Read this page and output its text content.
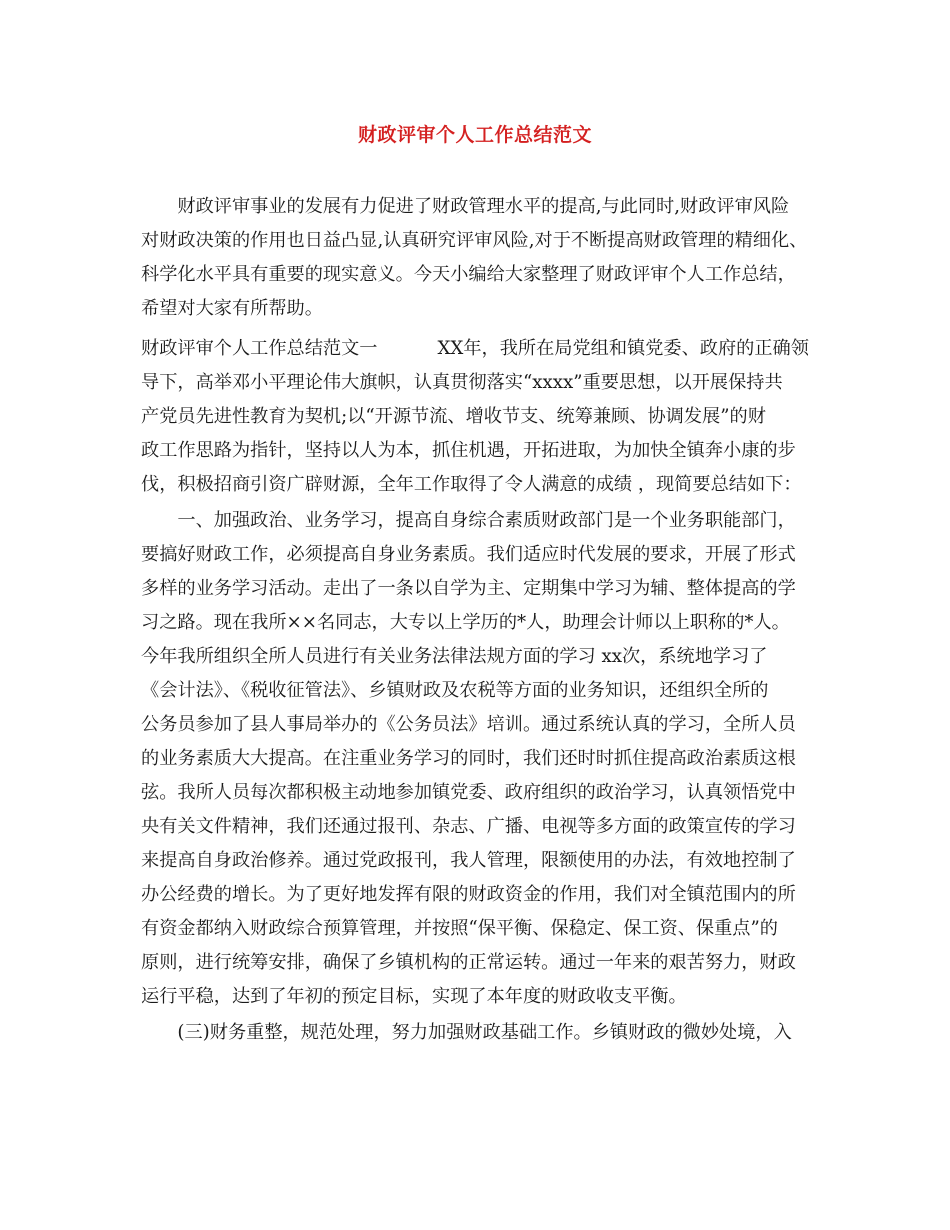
财政评审个人工作总结范文
　　财政评审事业的发展有力促进了财政管理水平的提高,与此同时,财政评审风险
对财政决策的作用也日益凸显,认真研究评审风险,对于不断提高财政管理的精细化、
科学化水平具有重要的现实意义。今天小编给大家整理了财政评审个人工作总结，
希望对大家有所帮助。
财政评审个人工作总结范文一	XX年，我所在局党组和镇党委、政府的正确领
导下，高举邓小平理论伟大旗帜，认真贯彻落实“xxxx”重要思想，以开展保持共
产党员先进性教育为契机;以“开源节流、增收节支、统筹兼顾、协调发展”的财
政工作思路为指针，坚持以人为本，抓住机遇，开拓进取，为加快全镇奔小康的步
伐，积极招商引资广辟财源，全年工作取得了令人满意的成绩 ，现简要总结如下：
　　一、加强政治、业务学习，提高自身综合素质财政部门是一个业务职能部门，
要搞好财政工作，必须提高自身业务素质。我们适应时代发展的要求，开展了形式
多样的业务学习活动。走出了一条以自学为主、定期集中学习为辅、整体提高的学
习之路。现在我所××名同志，大专以上学历的*人，助理会计师以上职称的*人。
今年我所组织全所人员进行有关业务法律法规方面的学习 xx次，系统地学习了
《会计法》、《税收征管法》、乡镇财政及农税等方面的业务知识，还组织全所的
公务员参加了县人事局举办的《公务员法》培训。通过系统认真的学习，全所人员
的业务素质大大提高。在注重业务学习的同时，我们还时时抓住提高政治素质这根
弦。我所人员每次都积极主动地参加镇党委、政府组织的政治学习，认真领悟党中
央有关文件精神，我们还通过报刊、杂志、广播、电视等多方面的政策宣传的学习
来提高自身政治修养。通过党政报刊，我人管理，限额使用的办法，有效地控制了
办公经费的增长。为了更好地发挥有限的财政资金的作用，我们对全镇范围内的所
有资金都纳入财政综合预算管理，并按照“保平衡、保稳定、保工资、保重点”的
原则，进行统筹安排，确保了乡镇机构的正常运转。通过一年来的艰苦努力，财政
运行平稳，达到了年初的预定目标，实现了本年度的财政收支平衡。
　　(三)财务重整，规范处理，努力加强财政基础工作。乡镇财政的微妙处境，入
